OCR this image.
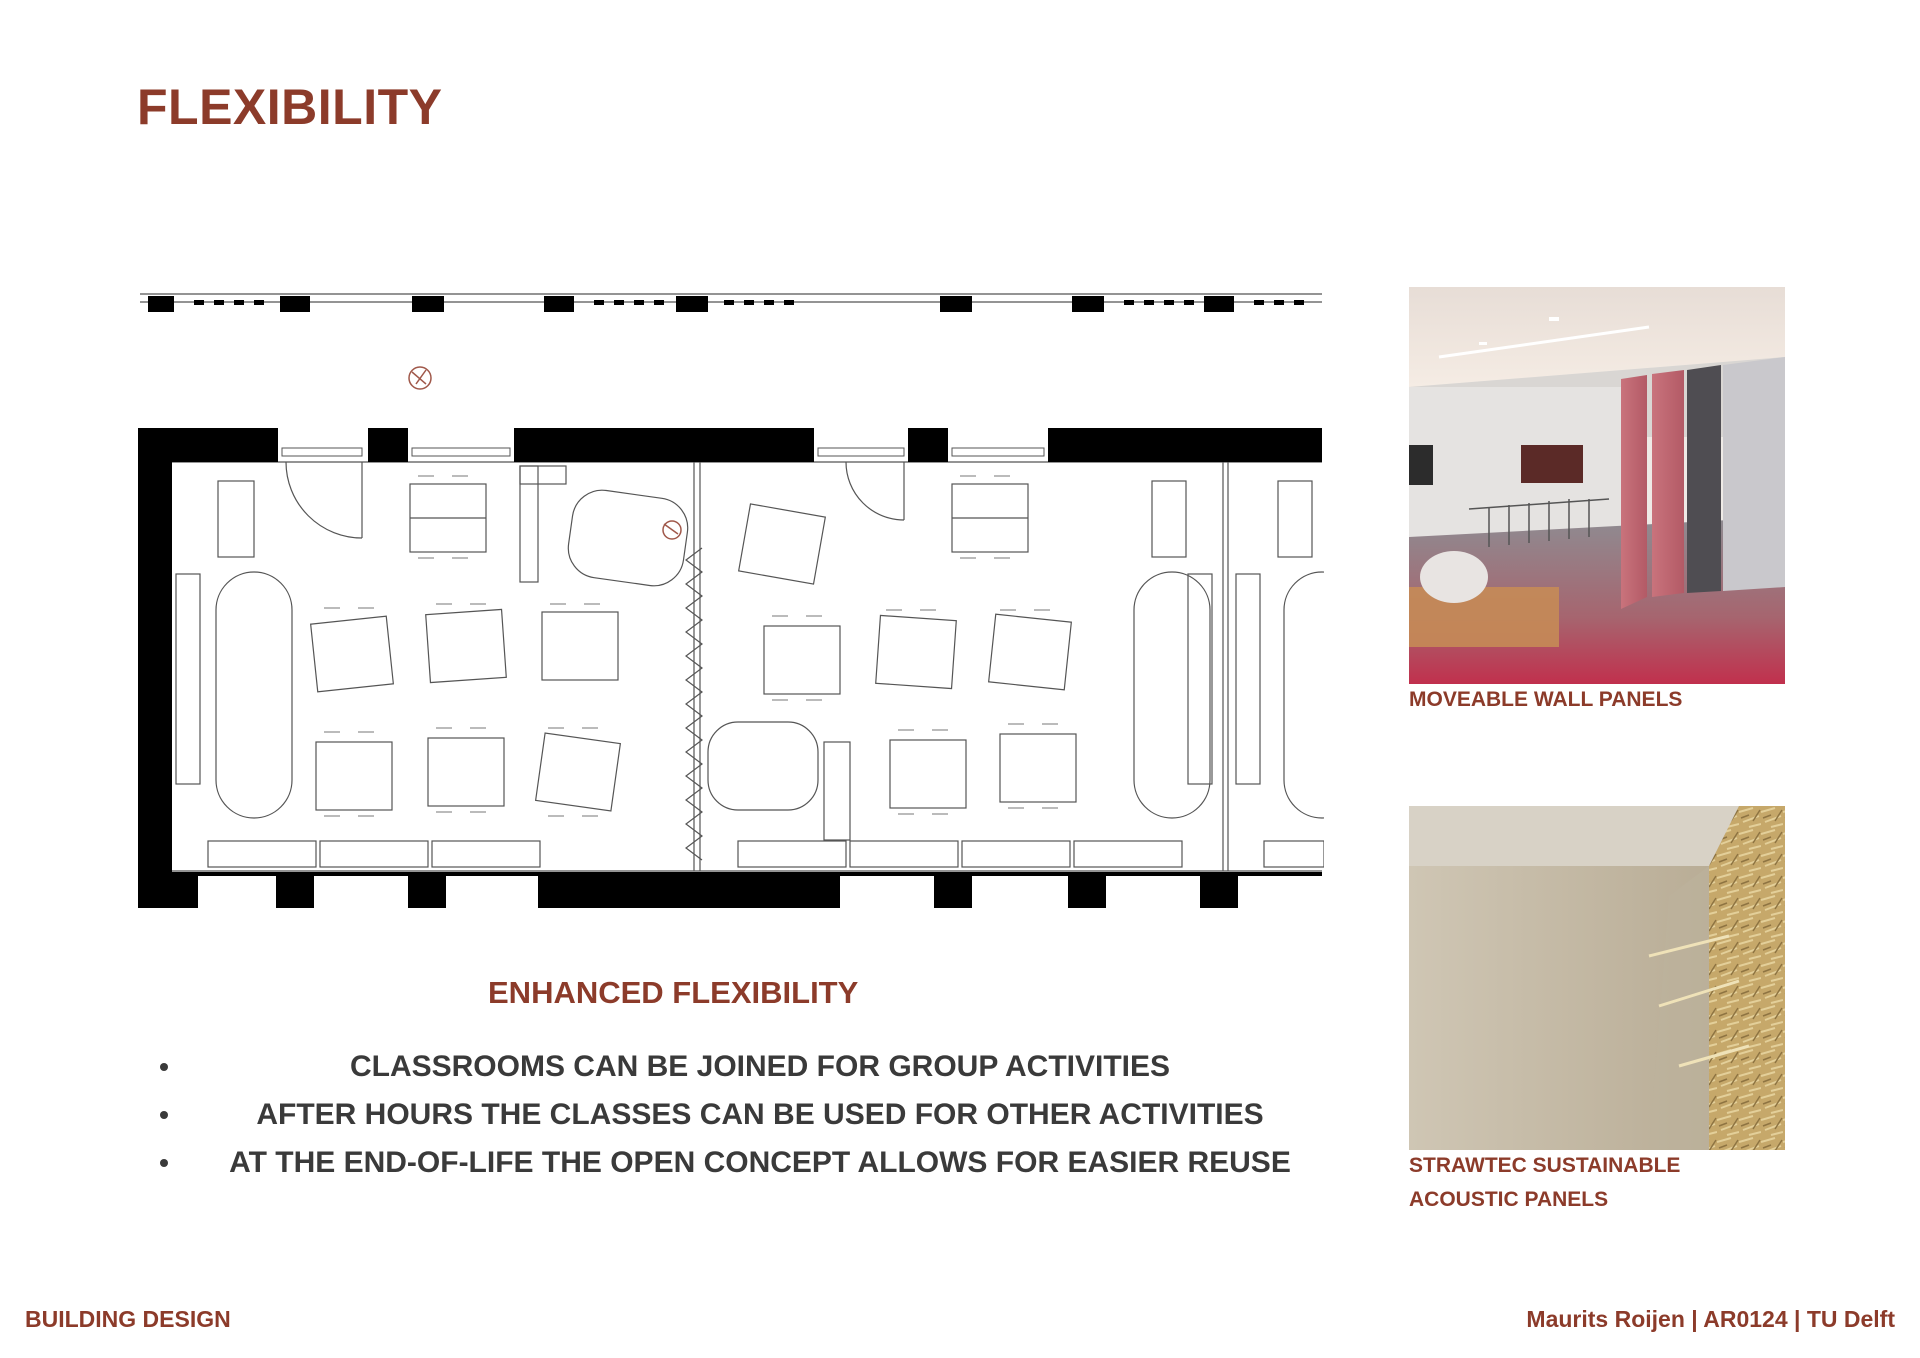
FLEXIBILITY

MOVEABLE WALL PANELS

STRAWTEC SUSTAINABLE ACOUSTIC PANELS

ENHANCED FLEXIBILITY
CLASSROOMS CAN BE JOINED FOR GROUP ACTIVITIES
AFTER HOURS THE CLASSES CAN BE USED FOR OTHER ACTIVITIES
AT THE END-OF-LIFE THE OPEN CONCEPT ALLOWS FOR EASIER REUSE

BUILDING DESIGN	Maurits Roijen | AR0124 | TU Delft
